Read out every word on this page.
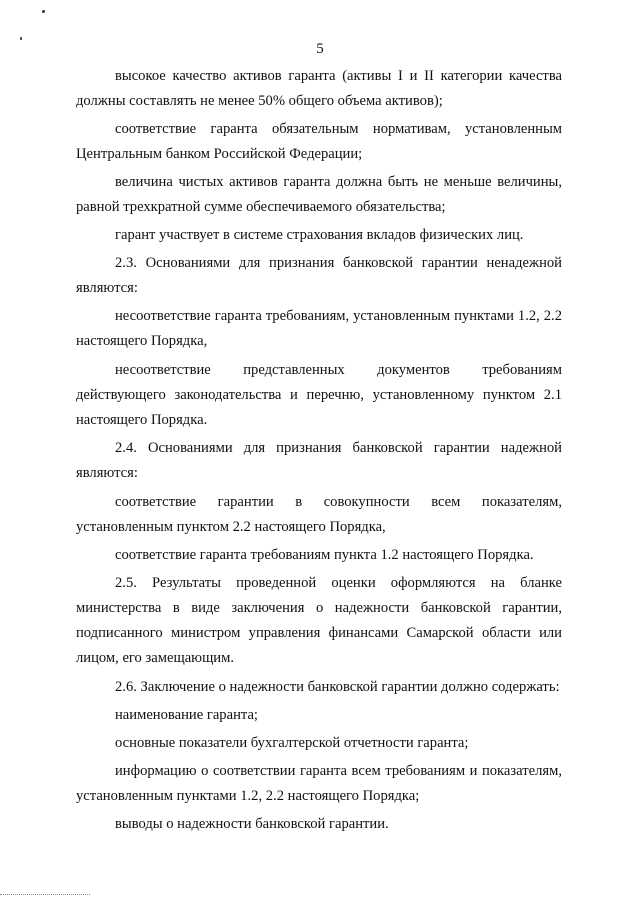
5

высокое качество активов гаранта (активы I и II категории качества должны составлять не менее 50% общего объема активов);

соответствие гаранта обязательным нормативам, установленным Центральным банком Российской Федерации;

величина чистых активов гаранта должна быть не меньше величины, равной трехкратной сумме обеспечиваемого обязательства;

гарант участвует в системе страхования вкладов физических лиц.

2.3. Основаниями для признания банковской гарантии ненадежной являются:

несоответствие гаранта требованиям, установленным пунктами 1.2, 2.2 настоящего Порядка,

несоответствие представленных документов требованиям действующего законодательства и перечню, установленному пунктом 2.1 настоящего Порядка.

2.4. Основаниями для признания банковской гарантии надежной являются:

соответствие гарантии в совокупности всем показателям, установленным пунктом 2.2 настоящего Порядка,

соответствие гаранта требованиям пункта 1.2 настоящего Порядка.

2.5. Результаты проведенной оценки оформляются на бланке министерства в виде заключения о надежности банковской гарантии, подписанного министром управления финансами Самарской области или лицом, его замещающим.

2.6. Заключение о надежности банковской гарантии должно содержать:

наименование гаранта;

основные показатели бухгалтерской отчетности гаранта;

информацию о соответствии гаранта всем требованиям и показателям, установленным пунктами 1.2, 2.2 настоящего Порядка;

выводы о надежности банковской гарантии.
